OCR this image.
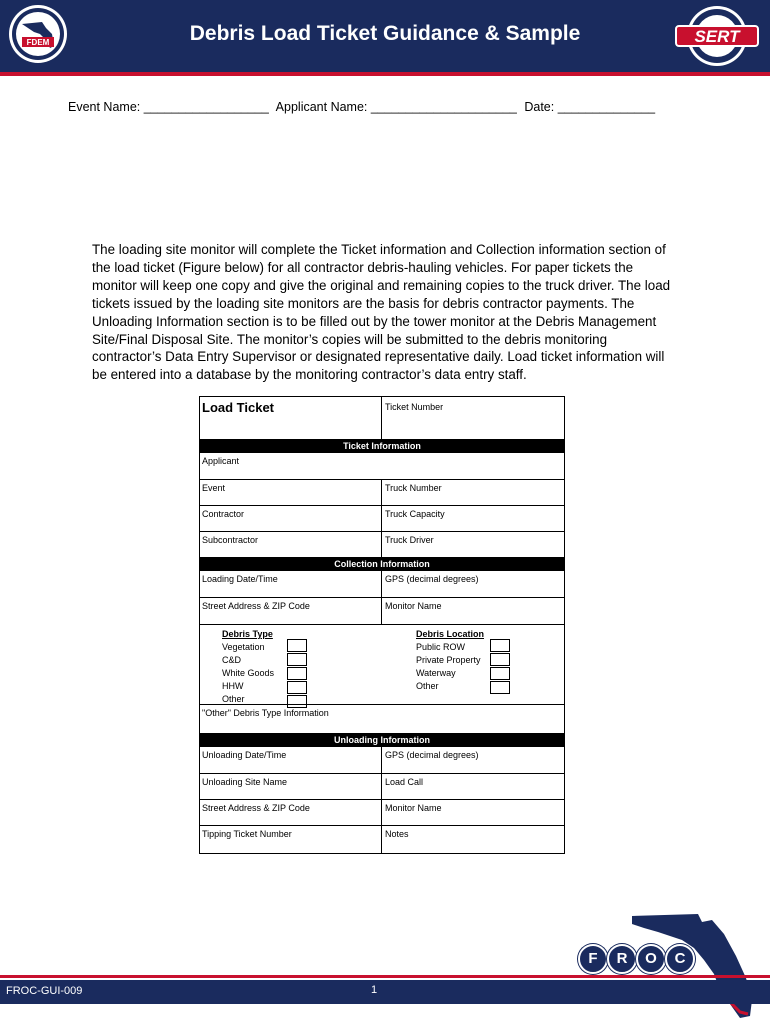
FDEM	Debris Load Ticket Guidance & Sample	SERT
Event Name: __________________ Applicant Name: _____________________ Date: ______________
The loading site monitor will complete the Ticket information and Collection information section of the load ticket (Figure below) for all contractor debris-hauling vehicles. For paper tickets the monitor will keep one copy and give the original and remaining copies to the truck driver. The load tickets issued by the loading site monitors are the basis for debris contractor payments. The Unloading Information section is to be filled out by the tower monitor at the Debris Management Site/Final Disposal Site. The monitor’s copies will be submitted to the debris monitoring contractor’s Data Entry Supervisor or designated representative daily. Load ticket information will be entered into a database by the monitoring contractor’s data entry staff.
Load Ticket	Ticket Number
Ticket Information
Applicant
Event	Truck Number
Contractor	Truck Capacity
Subcontractor	Truck Driver
Collection Information
Loading Date/Time	GPS (decimal degrees)
Street Address & ZIP Code	Monitor Name
Debris Type
Vegetation
C&D
White Goods
HHW
Other
Debris Location
Public ROW
Private Property
Waterway
Other
"Other" Debris Type Information
Unloading Information
Unloading Date/Time	GPS (decimal degrees)
Unloading Site Name	Load Call
Street Address & ZIP Code	Monitor Name
Tipping Ticket Number	Notes
F	R	O	C
FROC-GUI-009	1
